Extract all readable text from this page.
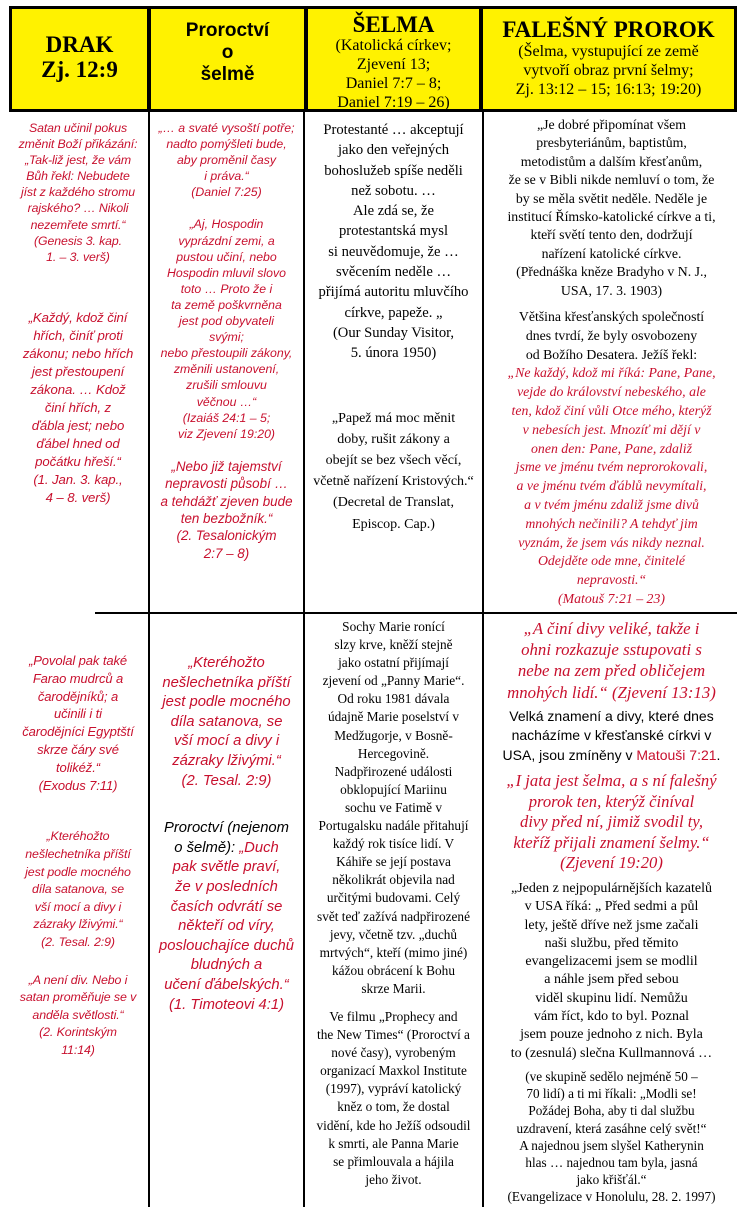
DRAK
Zj. 12:9
Proroctví
o
šelmě
ŠELMA
(Katolická církev;
Zjevení 13;
Daniel 7:7 – 8;
Daniel 7:19 – 26)
FALEŠNÝ PROROK
(Šelma, vystupující ze země
vytvoří obraz první šelmy;
Zj. 13:12 – 15; 16:13; 19:20)

Satan učinil pokus
změnit Boží přikázání:
„Tak-liž jest, že vám
Bůh řekl: Nebudete
jíst z každého stromu
rajského? … Nikoli
nezemřete smrtí.“
(Genesis 3. kap.
1. – 3. verš)

„Každý, kdož činí
hřích, činíť proti
zákonu; nebo hřích
jest přestoupení
zákona. … Kdož
činí hřích, z
ďábla jest; nebo
ďábel hned od
počátku hřeší.“
(1. Jan. 3. kap.,
4 – 8. verš)

„… a svaté vysoští potře;
nadto pomýšleti bude,
aby proměnil časy
i práva.“
(Daniel 7:25)

„Aj, Hospodin
vyprázdní zemi, a
pustou učiní, nebo
Hospodin mluvil slovo
toto … Proto že i
ta země poškvrněna
jest pod obyvateli
svými;
nebo přestoupili zákony,
změnili ustanovení,
zrušili smlouvu
věčnou …“
(Izaiáš 24:1 – 5;
viz Zjevení 19:20)

„Nebo již tajemství
nepravosti působí …
a tehdážť zjeven bude
ten bezbožník.“
(2. Tesalonickým
2:7 – 8)

Protestanté … akceptují
jako den veřejných
bohoslužeb spíše neděli
než sobotu. …
Ale zdá se, že
protestantská mysl
si neuvědomuje, že …
svěcením neděle …
přijímá autoritu mluvčího
církve, papeže. „
(Our Sunday Visitor,
5. února 1950)

„Papež má moc měnit
doby, rušit zákony a
obejít se bez všech věcí,
včetně nařízení Kristových.“
(Decretal de Translat,
Episcop. Cap.)

„Je dobré připomínat všem
presbyteriánům, baptistům,
metodistům a dalším křesťanům,
že se v Bibli nikde nemluví o tom, že
by se měla světit neděle. Neděle je
institucí Římsko-katolické církve a ti,
kteří světí tento den, dodržují
nařízení katolické církve.
(Přednáška kněze Bradyho v N. J.,
USA, 17. 3. 1903)

Většina křesťanských společností
dnes tvrdí, že byly osvobozeny
od Božího Desatera. Ježíš řekl:

„Ne každý, kdož mi říká: Pane, Pane,
vejde do království nebeského, ale
ten, kdož činí vůli Otce mého, kterýž
v nebesích jest. Mnozíť mi dějí v
onen den: Pane, Pane, zdaliž
jsme ve jménu tvém neprorokovali,
a ve jménu tvém ďáblů nevymítali,
a v tvém jménu zdaliž jsme divů
mnohých nečinili? A tehdyť jim
vyznám, že jsem vás nikdy neznal.
Odejděte ode mne, činitelé
nepravosti.“
(Matouš 7:21 – 23)

„Povolal pak také
Farao mudrců a
čarodějníků; a
učinili i ti
čarodějníci Egyptští
skrze čáry své
tolikéž.“
(Exodus 7:11)

„Kteréhožto
nešlechetníka příští
jest podle mocného
díla satanova, se
vší mocí a divy i
zázraky lživými.“
(2. Tesal. 2:9)

„A není div. Nebo i
satan proměňuje se v
anděla světlosti.“
(2. Korintským
11:14)

„Kteréhožto
nešlechetníka příští
jest podle mocného
díla satanova, se
vší mocí a divy i
zázraky lživými.“
(2. Tesal. 2:9)

Proroctví (nejenom
o šelmě): „Duch
pak světle praví,
že v posledních
časích odvrátí se
někteří od víry,
poslouchajíce duchů
bludných a
učení ďábelských.“
(1. Timoteovi 4:1)

Sochy Marie ronící
slzy krve, kněží stejně
jako ostatní přijímají
zjevení od „Panny Marie“.
Od roku 1981 dávala
údajně Marie poselství v
Medžugorje, v Bosně-
Hercegovině.
Nadpřirozené události
obklopující Mariinu
sochu ve Fatimě v
Portugalsku nadále přitahují
každý rok tisíce lidí. V
Káhiře se její postava
několikrát objevila nad
určitými budovami. Celý
svět teď zažívá nadpřirozené
jevy, včetně tzv. „duchů
mrtvých“, kteří (mimo jiné)
kážou obrácení k Bohu
skrze Marii.

Ve filmu „Prophecy and
the New Times“ (Proroctví a
nové časy), vyrobeným
organizací Maxkol Institute
(1997), vypráví katolický
kněz o tom, že dostal
vidění, kde ho Ježíš odsoudil
k smrti, ale Panna Marie
se přimlouvala a hájila
jeho život.

„A činí divy veliké, takže i
ohni rozkazuje sstupovati s
nebe na zem před obličejem
mnohých lidí.“ (Zjevení 13:13)

Velká znamení a divy, které dnes
nacházíme v křesťanské církvi v
USA, jsou zmíněny v Matouši 7:21.

„I jata jest šelma, a s ní falešný
prorok ten, kterýž činíval
divy před ní, jimiž svodil ty,
kteříž přijali znamení šelmy.“
(Zjevení 19:20)

„Jeden z nejpopulárnějších kazatelů
v USA říká: „ Před sedmi a půl
lety, ještě dříve než jsme začali
naši službu, před těmito
evangelizacemi jsem se modlil
a náhle jsem před sebou
viděl skupinu lidí. Nemůžu
vám říct, kdo to byl. Poznal
jsem pouze jednoho z nich. Byla
to (zesnulá) slečna Kullmannová …

(ve skupině sedělo nejméně 50 –
70 lidí) a ti mi říkali: „Modli se!
Požádej Boha, aby ti dal službu
uzdravení, která zasáhne celý svět!“
A najednou jsem slyšel Katherynin
hlas … najednou tam byla, jasná
jako křišťál.“
(Evangelizace v Honolulu, 28. 2. 1997)
